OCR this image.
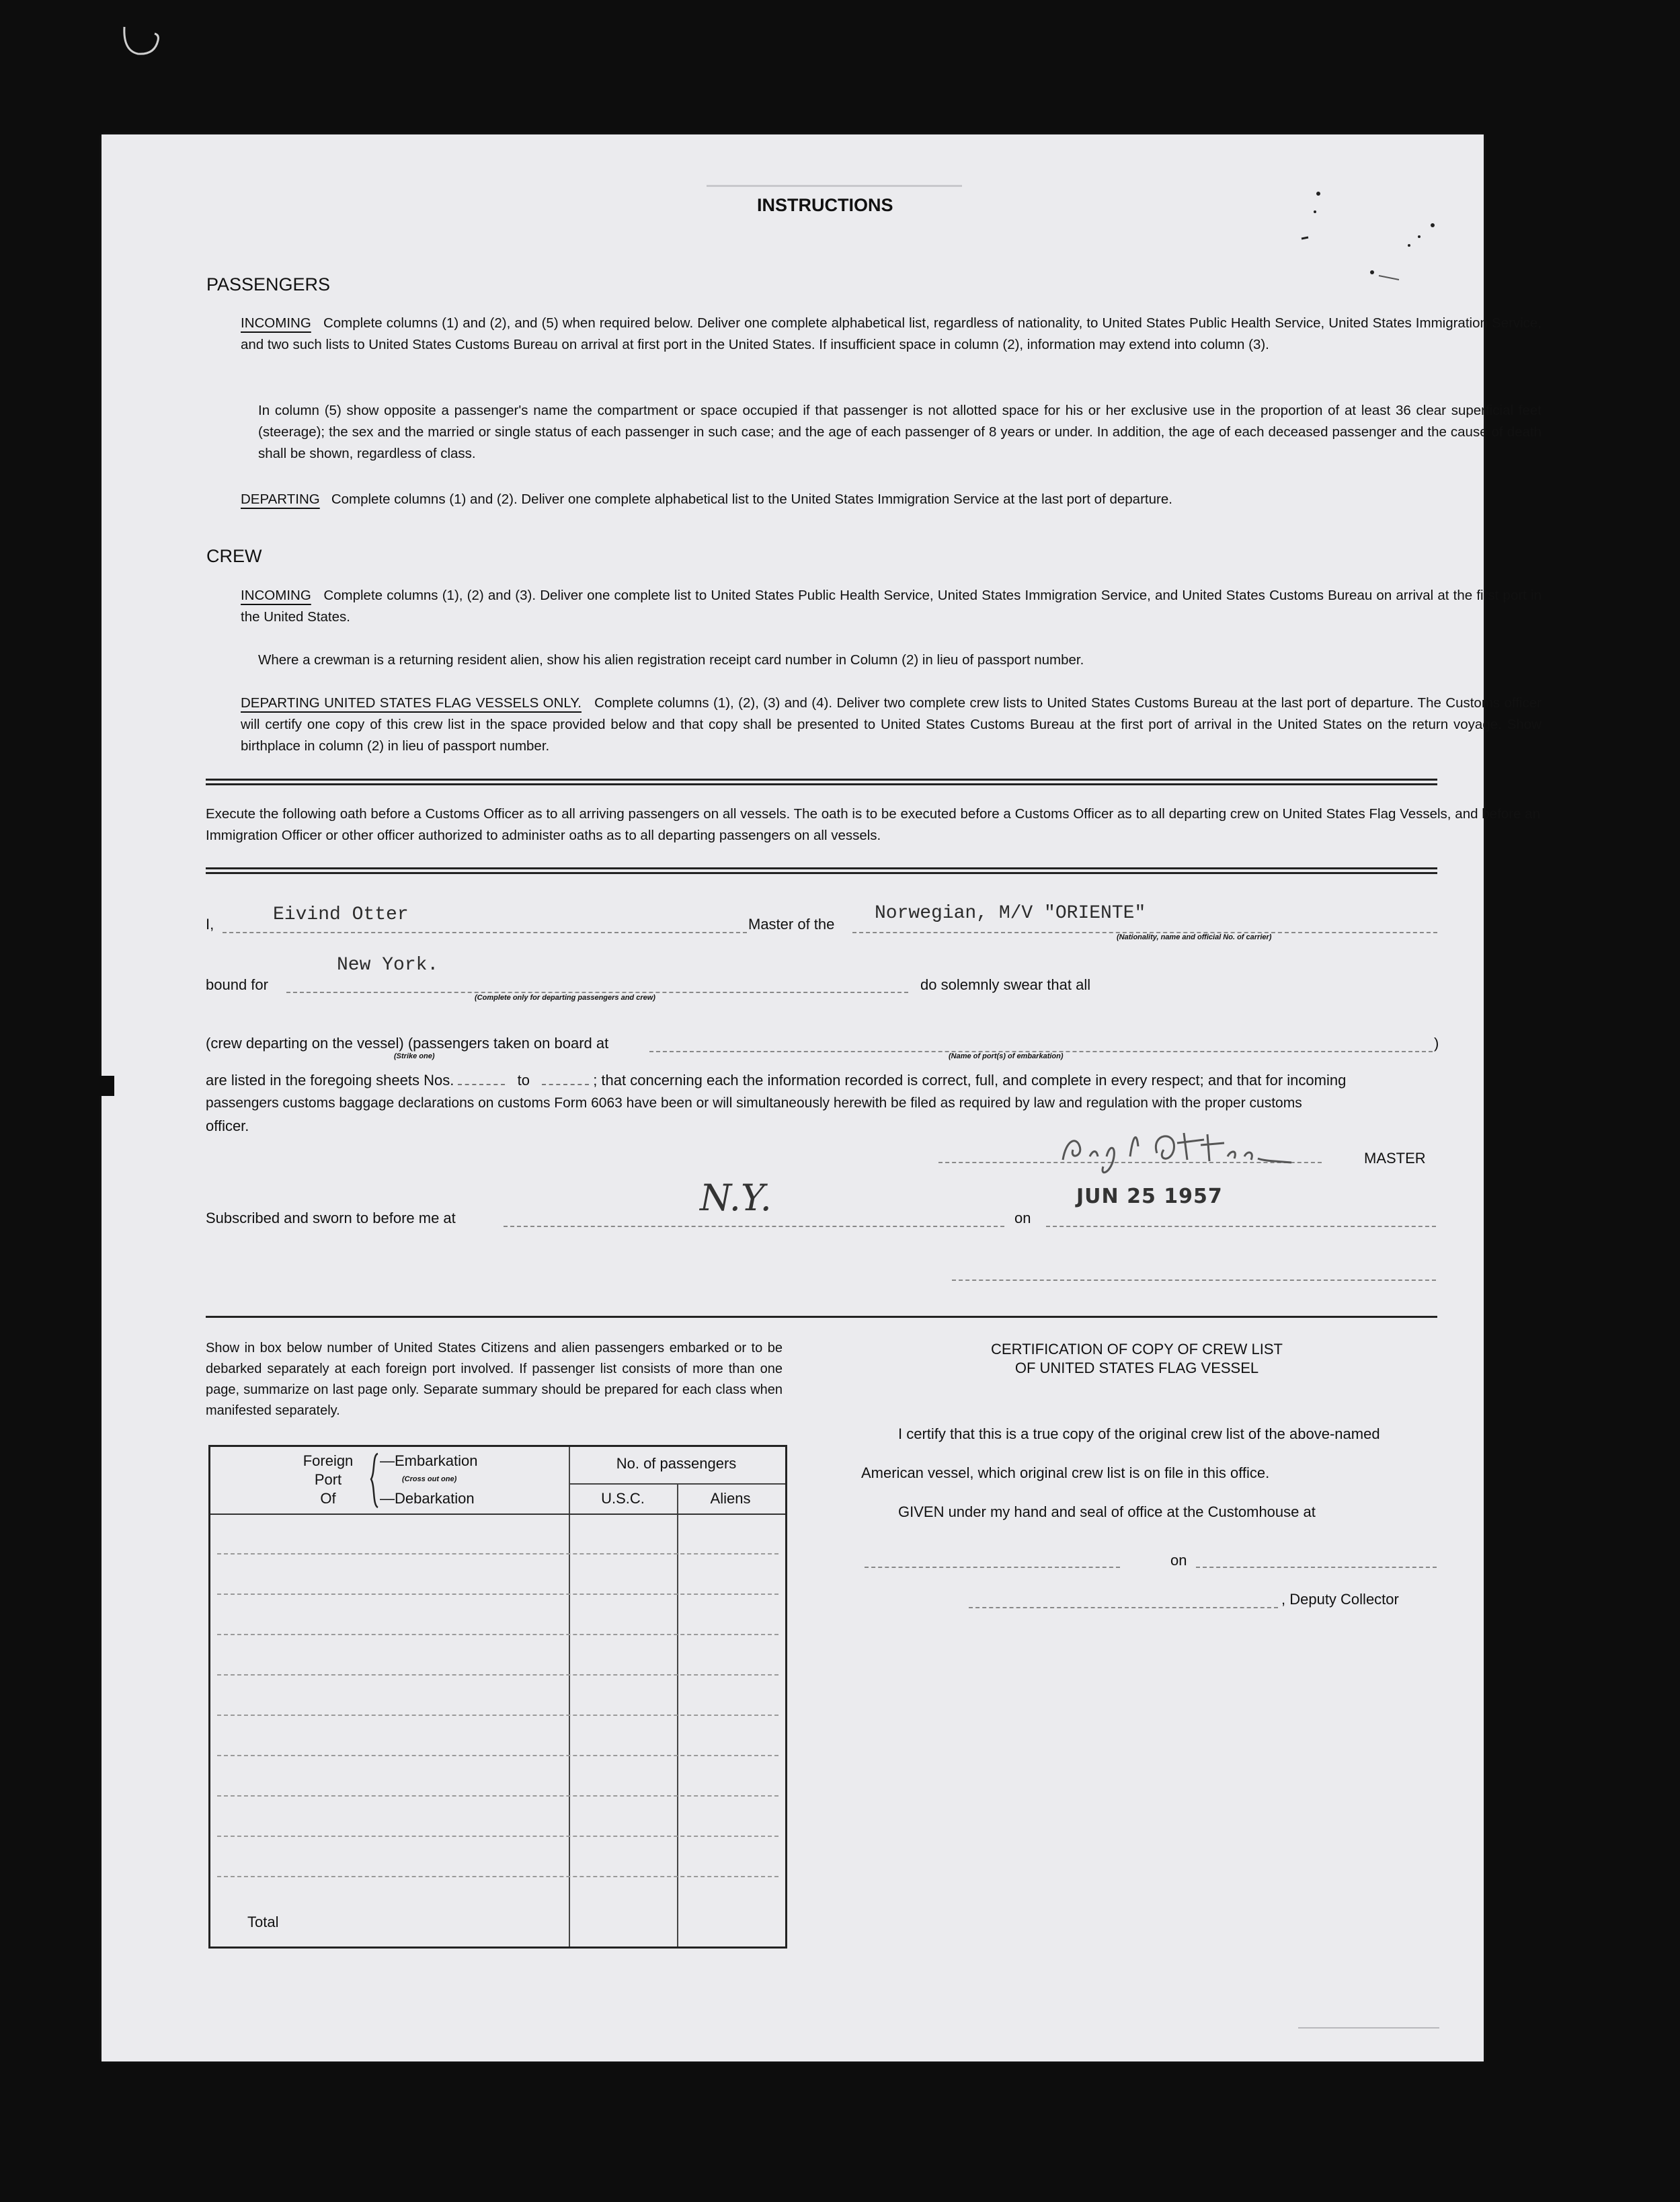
INSTRUCTIONS
PASSENGERS
INCOMING Complete columns (1) and (2), and (5) when required below. Deliver one complete alphabetical list, regardless of nationality, to United States Public Health Service, United States Immigration Service, and two such lists to United States Customs Bureau on arrival at first port in the United States. If insufficient space in column (2), information may extend into column (3).
In column (5) show opposite a passenger's name the compartment or space occupied if that passenger is not allotted space for his or her exclusive use in the proportion of at least 36 clear superficial feet (steerage); the sex and the married or single status of each passenger in such case; and the age of each passenger of 8 years or under. In addition, the age of each deceased passenger and the cause of death shall be shown, regardless of class.
DEPARTING Complete columns (1) and (2). Deliver one complete alphabetical list to the United States Immigration Service at the last port of departure.
CREW
INCOMING Complete columns (1), (2) and (3). Deliver one complete list to United States Public Health Service, United States Immigration Service, and United States Customs Bureau on arrival at the first port in the United States.
Where a crewman is a returning resident alien, show his alien registration receipt card number in Column (2) in lieu of passport number.
DEPARTING UNITED STATES FLAG VESSELS ONLY. Complete columns (1), (2), (3) and (4). Deliver two complete crew lists to United States Customs Bureau at the last port of departure. The Customs officer will certify one copy of this crew list in the space provided below and that copy shall be presented to United States Customs Bureau at the first port of arrival in the United States on the return voyage. Show birthplace in column (2) in lieu of passport number.
Execute the following oath before a Customs Officer as to all arriving passengers on all vessels. The oath is to be executed before a Customs Officer as to all departing crew on United States Flag Vessels, and before an Immigration Officer or other officer authorized to administer oaths as to all departing passengers on all vessels.
I,	Eivind Otter	Master of the
Norwegian, M/V "ORIENTE"
(Nationality, name and official No. of carrier)
New York.
bound for
(Complete only for departing passengers and crew)
do solemnly swear that all
(crew departing on the vessel) (passengers taken on board at	)
(Strike one)	(Name of port(s) of embarkation)
are listed in the foregoing sheets Nos.	to	; that concerning each the information recorded is correct, full, and complete in every respect; and that for incoming
passengers customs baggage declarations on customs Form 6063 have been or will simultaneously herewith be filed as required by law and regulation with the proper customs
officer.
MASTER
Subscribed and sworn to before me at	N.Y.	on
JUN 25 1957
Show in box below number of United States Citizens and alien passengers embarked or to be debarked separately at each foreign port involved. If passenger list consists of more than one page, summarize on last page only. Separate summary should be prepared for each class when manifested separately.
Foreign
Port
Of
—Embarkation
(Cross out one)
—Debarkation
No. of passengers
U.S.C.	Aliens
Total
CERTIFICATION OF COPY OF CREW LIST
OF UNITED STATES FLAG VESSEL
I certify that this is a true copy of the original crew list of the above-named
American vessel, which original crew list is on file in this office.
GIVEN under my hand and seal of office at the Customhouse at
on
, Deputy Collector
